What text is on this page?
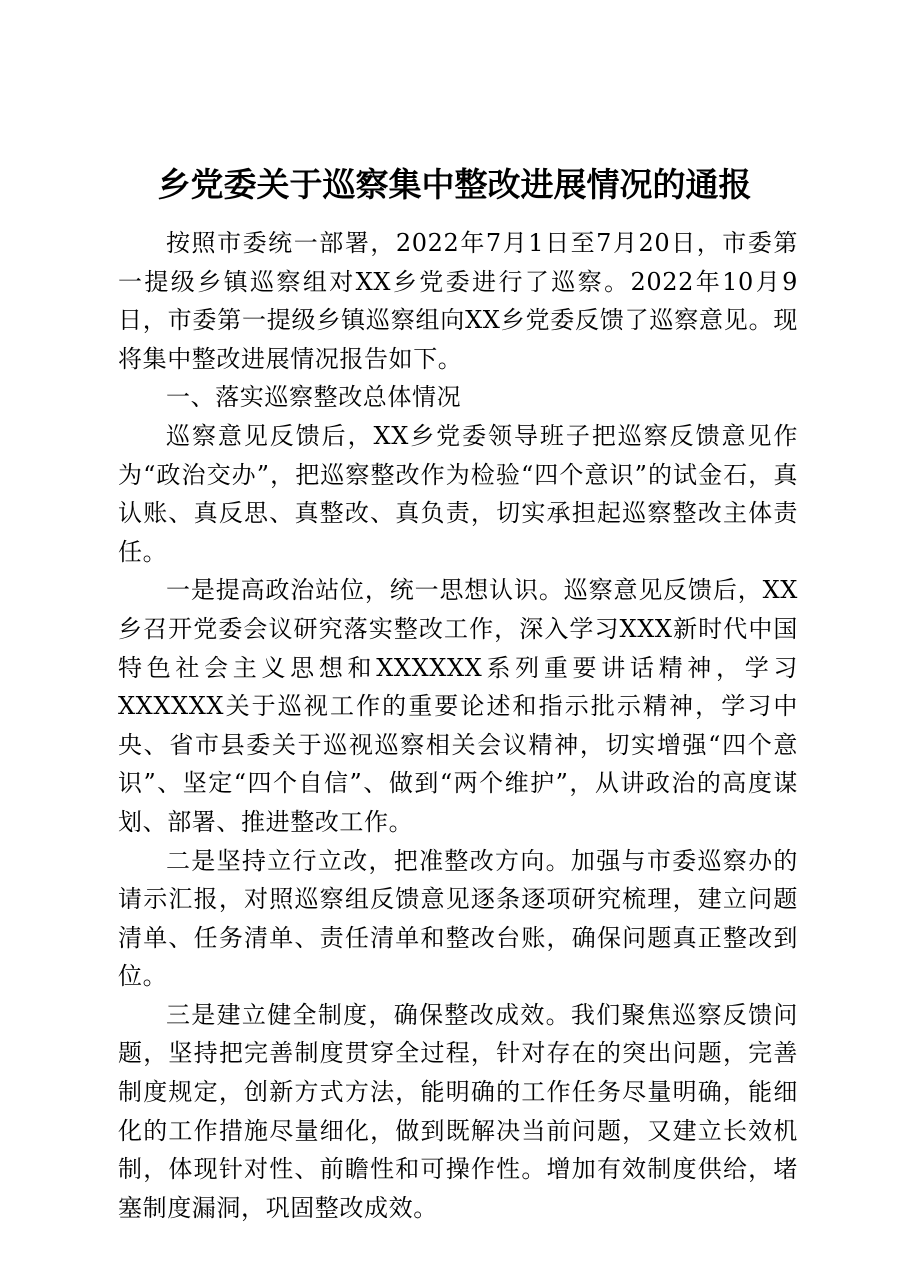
乡党委关于巡察集中整改进展情况的通报

按照市委统一部署，2022年7月1日至7月20日，市委第一提级乡镇巡察组对XX乡党委进行了巡察。2022年10月9日，市委第一提级乡镇巡察组向XX乡党委反馈了巡察意见。现将集中整改进展情况报告如下。

一、落实巡察整改总体情况

巡察意见反馈后，XX乡党委领导班子把巡察反馈意见作为“政治交办”，把巡察整改作为检验“四个意识”的试金石，真认账、真反思、真整改、真负责，切实承担起巡察整改主体责任。

一是提高政治站位，统一思想认识。巡察意见反馈后，XX乡召开党委会议研究落实整改工作，深入学习XXX新时代中国特色社会主义思想和XXXXXX系列重要讲话精神，学习XXXXXX关于巡视工作的重要论述和指示批示精神，学习中央、省市县委关于巡视巡察相关会议精神，切实增强“四个意识”、坚定“四个自信”、做到“两个维护”，从讲政治的高度谋划、部署、推进整改工作。

二是坚持立行立改，把准整改方向。加强与市委巡察办的请示汇报，对照巡察组反馈意见逐条逐项研究梳理，建立问题清单、任务清单、责任清单和整改台账，确保问题真正整改到位。

三是建立健全制度，确保整改成效。我们聚焦巡察反馈问题，坚持把完善制度贯穿全过程，针对存在的突出问题，完善制度规定，创新方式方法，能明确的工作任务尽量明确，能细化的工作措施尽量细化，做到既解决当前问题，又建立长效机制，体现针对性、前瞻性和可操作性。增加有效制度供给，堵塞制度漏洞，巩固整改成效。
